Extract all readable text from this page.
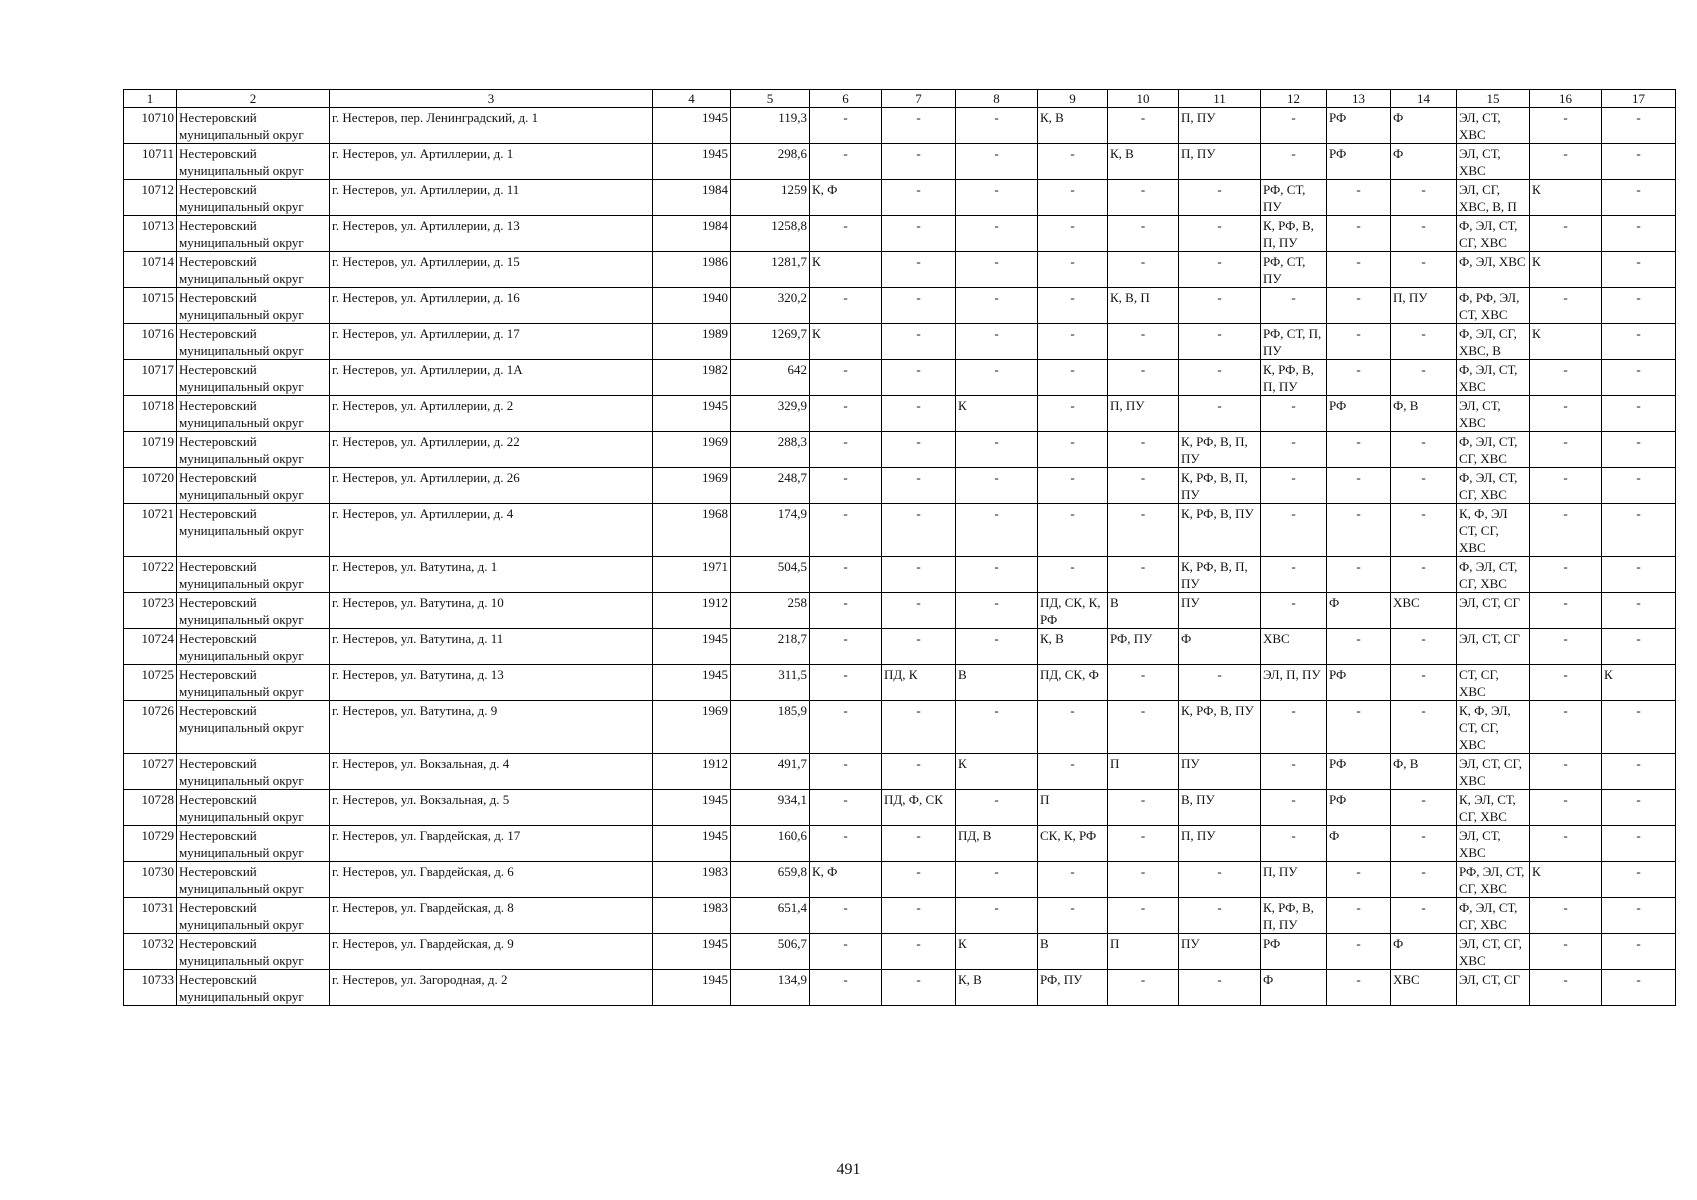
1	2	3	4	5	6	7	8	9	10	11	12	13	14	15	16	17
10710	Нестеровский муниципальный округ	г. Нестеров, пер. Ленинградский, д. 1	1945	119,3	-	-	-	К, В	-	П, ПУ	-	РФ	Ф	ЭЛ, СТ, ХВС	-	-
10711	Нестеровский муниципальный округ	г. Нестеров, ул. Артиллерии, д. 1	1945	298,6	-	-	-	-	К, В	П, ПУ	-	РФ	Ф	ЭЛ, СТ, ХВС	-	-
10712	Нестеровский муниципальный округ	г. Нестеров, ул. Артиллерии, д. 11	1984	1259	К, Ф	-	-	-	-	-	РФ, СТ, ПУ	-	-	ЭЛ, СГ, ХВС, В, П	К	-
10713	Нестеровский муниципальный округ	г. Нестеров, ул. Артиллерии, д. 13	1984	1258,8	-	-	-	-	-	-	К, РФ, В, П, ПУ	-	-	Ф, ЭЛ, СТ, СГ, ХВС	-	-
10714	Нестеровский муниципальный округ	г. Нестеров, ул. Артиллерии, д. 15	1986	1281,7	К	-	-	-	-	-	РФ, СТ, ПУ	-	-	Ф, ЭЛ, ХВС	К	-
10715	Нестеровский муниципальный округ	г. Нестеров, ул. Артиллерии, д. 16	1940	320,2	-	-	-	-	К, В, П	-	-	-	П, ПУ	Ф, РФ, ЭЛ, СТ, ХВС	-	-
10716	Нестеровский муниципальный округ	г. Нестеров, ул. Артиллерии, д. 17	1989	1269,7	К	-	-	-	-	-	РФ, СТ, П, ПУ	-	-	Ф, ЭЛ, СГ, ХВС, В	К	-
10717	Нестеровский муниципальный округ	г. Нестеров, ул. Артиллерии, д. 1А	1982	642	-	-	-	-	-	-	К, РФ, В, П, ПУ	-	-	Ф, ЭЛ, СТ, ХВС	-	-
10718	Нестеровский муниципальный округ	г. Нестеров, ул. Артиллерии, д. 2	1945	329,9	-	-	К	-	П, ПУ	-	-	РФ	Ф, В	ЭЛ, СТ, ХВС	-	-
10719	Нестеровский муниципальный округ	г. Нестеров, ул. Артиллерии, д. 22	1969	288,3	-	-	-	-	-	К, РФ, В, П, ПУ	-	-	-	Ф, ЭЛ, СТ, СГ, ХВС	-	-
10720	Нестеровский муниципальный округ	г. Нестеров, ул. Артиллерии, д. 26	1969	248,7	-	-	-	-	-	К, РФ, В, П, ПУ	-	-	-	Ф, ЭЛ, СТ, СГ, ХВС	-	-
10721	Нестеровский муниципальный округ	г. Нестеров, ул. Артиллерии, д. 4	1968	174,9	-	-	-	-	-	К, РФ, В, ПУ	-	-	-	К, Ф, ЭЛ СТ, СГ, ХВС	-	-
10722	Нестеровский муниципальный округ	г. Нестеров, ул. Ватутина, д. 1	1971	504,5	-	-	-	-	-	К, РФ, В, П, ПУ	-	-	-	Ф, ЭЛ, СТ, СГ, ХВС	-	-
10723	Нестеровский муниципальный округ	г. Нестеров, ул. Ватутина, д. 10	1912	258	-	-	-	ПД, СК, К, РФ	В	ПУ	-	Ф	ХВС	ЭЛ, СТ, СГ	-	-
10724	Нестеровский муниципальный округ	г. Нестеров, ул. Ватутина, д. 11	1945	218,7	-	-	-	К, В	РФ, ПУ	Ф	ХВС	-	-	ЭЛ, СТ, СГ	-	-
10725	Нестеровский муниципальный округ	г. Нестеров, ул. Ватутина, д. 13	1945	311,5	-	ПД, К	В	ПД, СК, Ф	-	-	ЭЛ, П, ПУ	РФ	-	СТ, СГ, ХВС	-	К
10726	Нестеровский муниципальный округ	г. Нестеров, ул. Ватутина, д. 9	1969	185,9	-	-	-	-	-	К, РФ, В, ПУ	-	-	-	К, Ф, ЭЛ, СТ, СГ, ХВС	-	-
10727	Нестеровский муниципальный округ	г. Нестеров, ул. Вокзальная, д. 4	1912	491,7	-	-	К	-	П	ПУ	-	РФ	Ф, В	ЭЛ, СТ, СГ, ХВС	-	-
10728	Нестеровский муниципальный округ	г. Нестеров, ул. Вокзальная, д. 5	1945	934,1	-	ПД, Ф, СК	-	П	-	В, ПУ	-	РФ	-	К, ЭЛ, СТ, СГ, ХВС	-	-
10729	Нестеровский муниципальный округ	г. Нестеров, ул. Гвардейская, д. 17	1945	160,6	-	-	ПД, В	СК, К, РФ	-	П, ПУ	-	Ф	-	ЭЛ, СТ, ХВС	-	-
10730	Нестеровский муниципальный округ	г. Нестеров, ул. Гвардейская, д. 6	1983	659,8	К, Ф	-	-	-	-	-	П, ПУ	-	-	РФ, ЭЛ, СТ, СГ, ХВС	К	-
10731	Нестеровский муниципальный округ	г. Нестеров, ул. Гвардейская, д. 8	1983	651,4	-	-	-	-	-	-	К, РФ, В, П, ПУ	-	-	Ф, ЭЛ, СТ, СГ, ХВС	-	-
10732	Нестеровский муниципальный округ	г. Нестеров, ул. Гвардейская, д. 9	1945	506,7	-	-	К	В	П	ПУ	РФ	-	Ф	ЭЛ, СТ, СГ, ХВС	-	-
10733	Нестеровский муниципальный округ	г. Нестеров, ул. Загородная, д. 2	1945	134,9	-	-	К, В	РФ, ПУ	-	-	Ф	-	ХВС	ЭЛ, СТ, СГ	-	-
491
